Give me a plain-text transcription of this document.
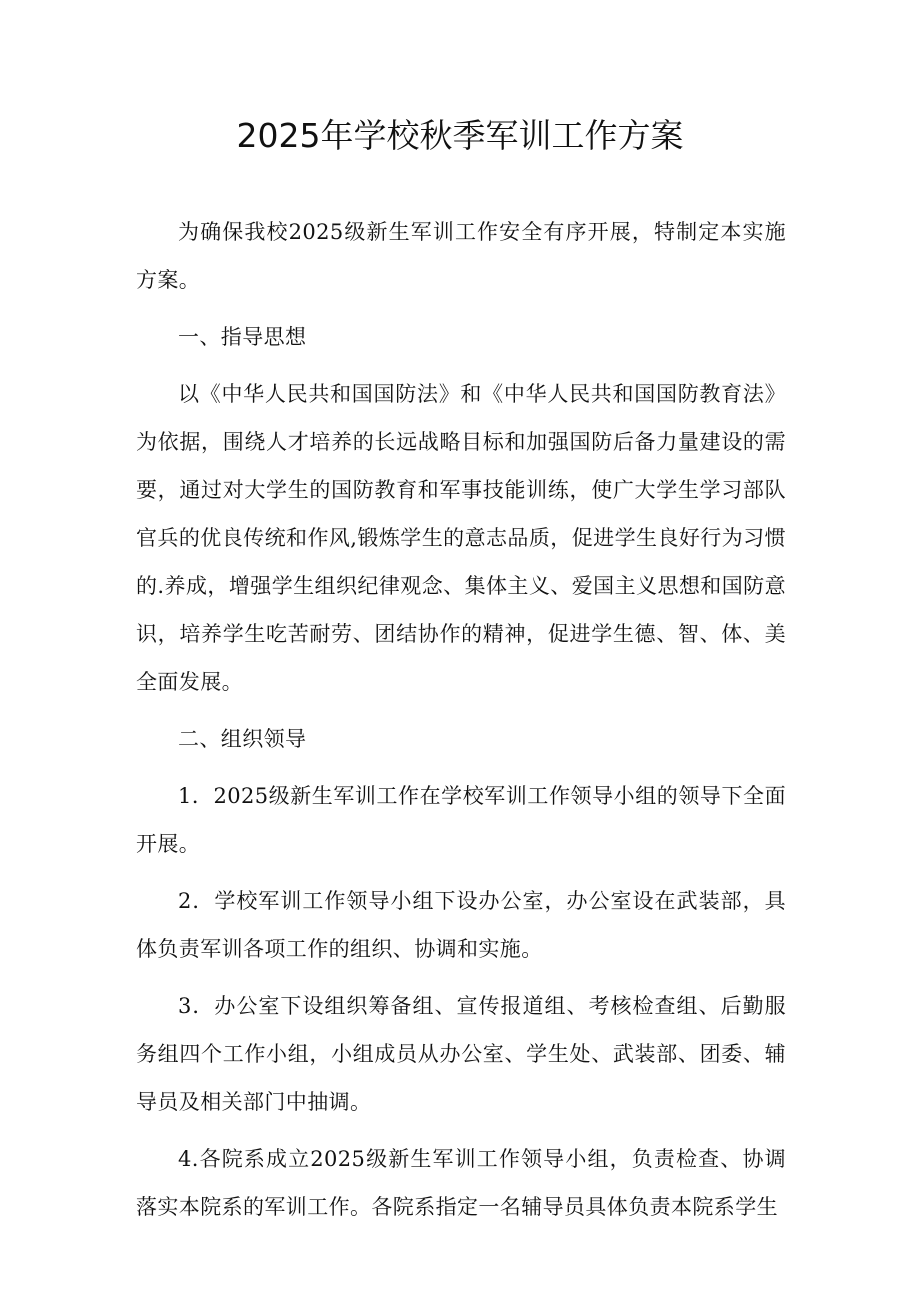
2025年学校秋季军训工作方案

为确保我校2025级新生军训工作安全有序开展，特制定本实施方案。

一、指导思想

以《中华人民共和国国防法》和《中华人民共和国国防教育法》为依据，围绕人才培养的长远战略目标和加强国防后备力量建设的需要，通过对大学生的国防教育和军事技能训练，使广大学生学习部队官兵的优良传统和作风,锻炼学生的意志品质，促进学生良好行为习惯的.养成，增强学生组织纪律观念、集体主义、爱国主义思想和国防意识，培养学生吃苦耐劳、团结协作的精神，促进学生德、智、体、美全面发展。

二、组织领导

1．2025级新生军训工作在学校军训工作领导小组的领导下全面开展。

2．学校军训工作领导小组下设办公室，办公室设在武装部，具体负责军训各项工作的组织、协调和实施。

3．办公室下设组织筹备组、宣传报道组、考核检查组、后勤服务组四个工作小组，小组成员从办公室、学生处、武装部、团委、辅导员及相关部门中抽调。

4.各院系成立2025级新生军训工作领导小组，负责检查、协调落实本院系的军训工作。各院系指定一名辅导员具体负责本院系学生
